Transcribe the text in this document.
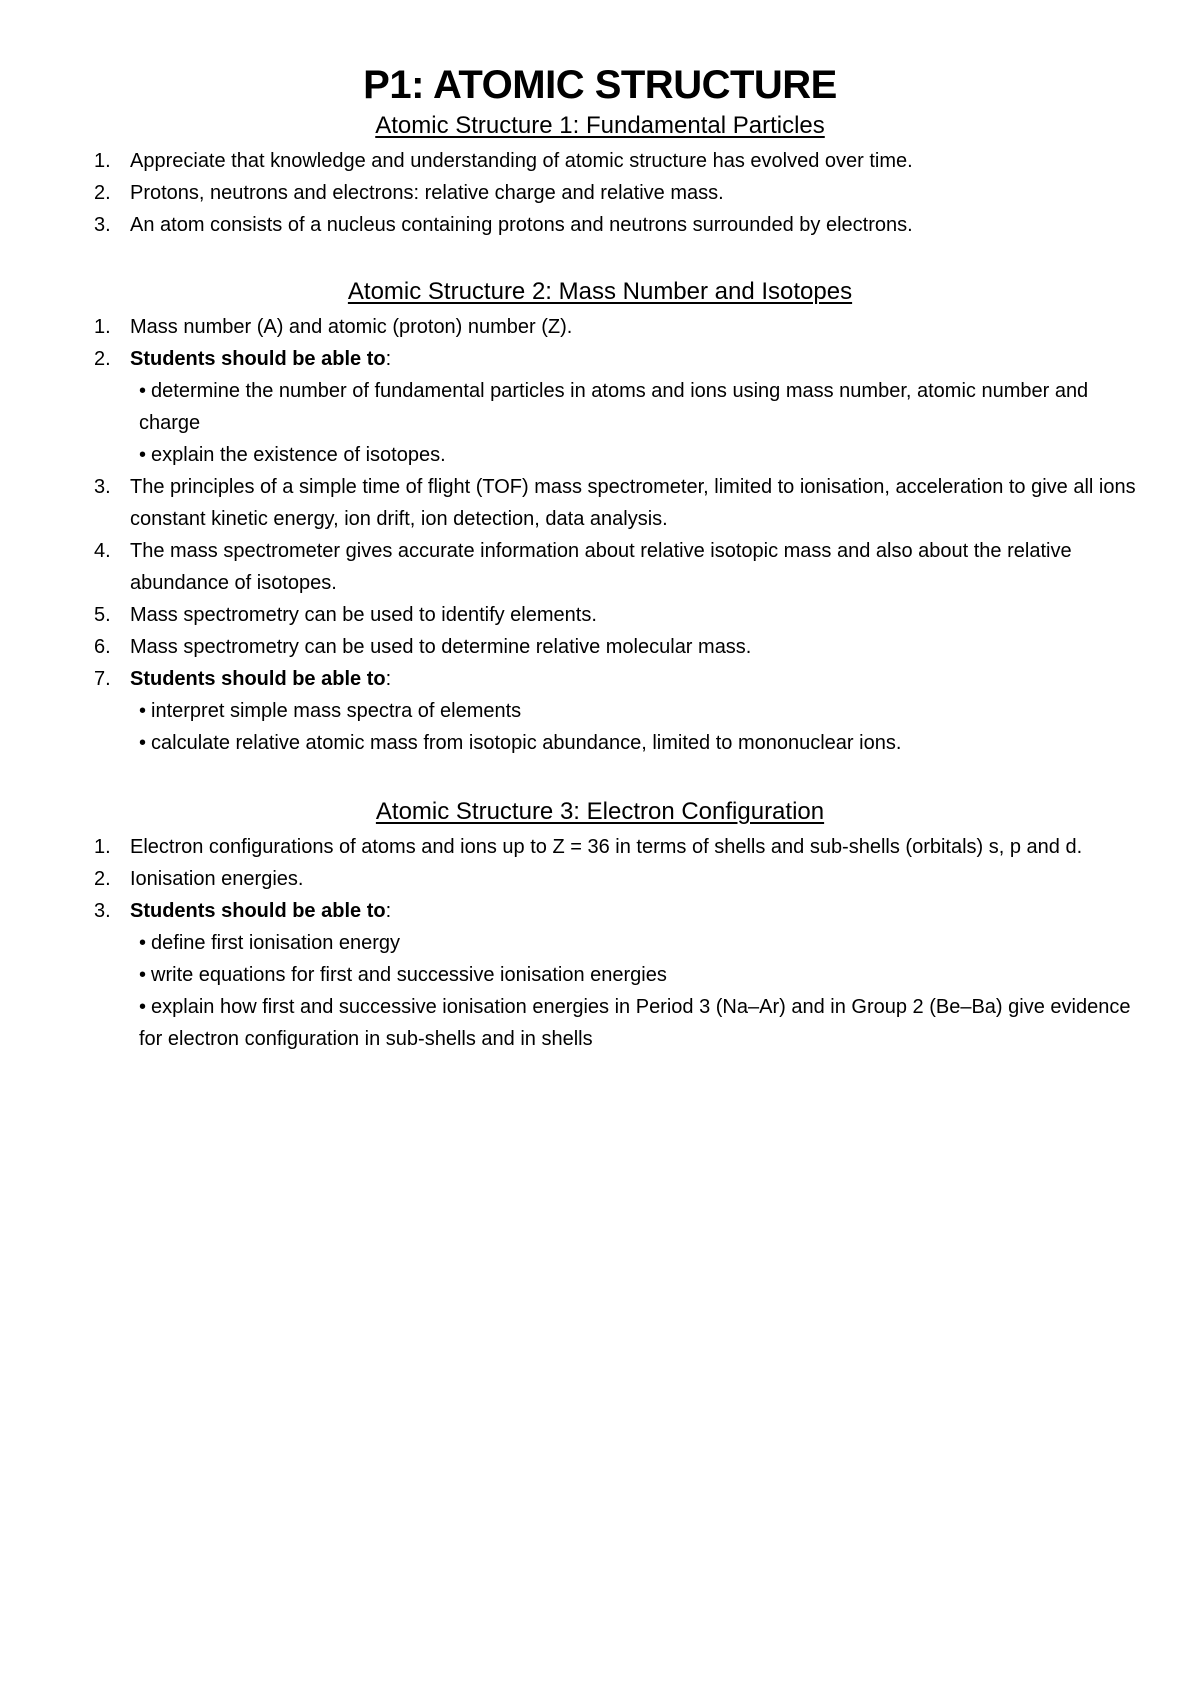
P1: ATOMIC STRUCTURE
Atomic Structure 1: Fundamental Particles
1. Appreciate that knowledge and understanding of atomic structure has evolved over time.
2. Protons, neutrons and electrons: relative charge and relative mass.
3. An atom consists of a nucleus containing protons and neutrons surrounded by electrons.
Atomic Structure 2: Mass Number and Isotopes
1. Mass number (A) and atomic (proton) number (Z).
2. Students should be able to:
• determine the number of fundamental particles in atoms and ions using mass number, atomic number and charge
• explain the existence of isotopes.
3. The principles of a simple time of flight (TOF) mass spectrometer, limited to ionisation, acceleration to give all ions constant kinetic energy, ion drift, ion detection, data analysis.
4. The mass spectrometer gives accurate information about relative isotopic mass and also about the relative abundance of isotopes.
5. Mass spectrometry can be used to identify elements.
6. Mass spectrometry can be used to determine relative molecular mass.
7. Students should be able to:
• interpret simple mass spectra of elements
• calculate relative atomic mass from isotopic abundance, limited to mononuclear ions.
Atomic Structure 3: Electron Configuration
1. Electron configurations of atoms and ions up to Z = 36 in terms of shells and sub-shells (orbitals) s, p and d.
2. Ionisation energies.
3. Students should be able to:
• define first ionisation energy
• write equations for first and successive ionisation energies
• explain how first and successive ionisation energies in Period 3 (Na–Ar) and in Group 2 (Be–Ba) give evidence for electron configuration in sub-shells and in shells
